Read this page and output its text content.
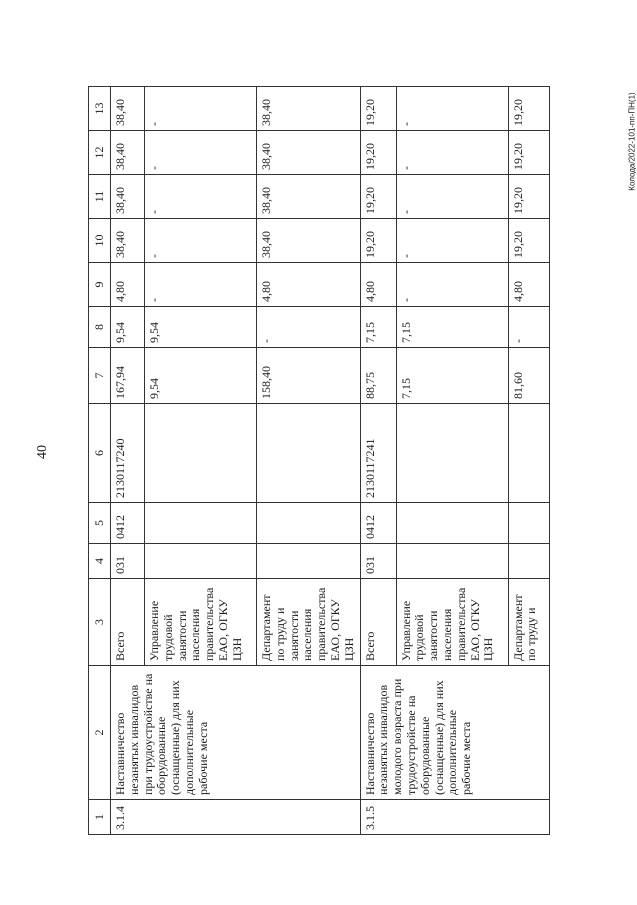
40
Колода/2022-101-пп-ПН(1)
1	2	3	4	5	6	7	8	9	10	11	12	13
3.1.4	Наставничество незанятых инвалидов при трудоустройстве на оборудованные (оснащенные) для них дополнительные рабочие места	Всего	031	0412	2130117240	167,94	9,54	4,80	38,40	38,40	38,40	38,40
		Управление трудовой занятости населения правительства ЕАО, ОГКУ ЦЗН				9,54	9,54	-	-	-	-	-
		Департамент по труду и занятости населения правительства ЕАО, ОГКУ ЦЗН				158,40	-	4,80	38,40	38,40	38,40	38,40
3.1.5	Наставничество незанятых инвалидов молодого возраста при трудоустройстве на оборудованные (оснащенные) для них дополнительные рабочие места	Всего	031	0412	2130117241	88,75	7,15	4,80	19,20	19,20	19,20	19,20
		Управление трудовой занятости населения правительства ЕАО, ОГКУ ЦЗН				7,15	7,15	-	-	-	-	-
		Департамент по труду и				81,60	-	4,80	19,20	19,20	19,20	19,20
